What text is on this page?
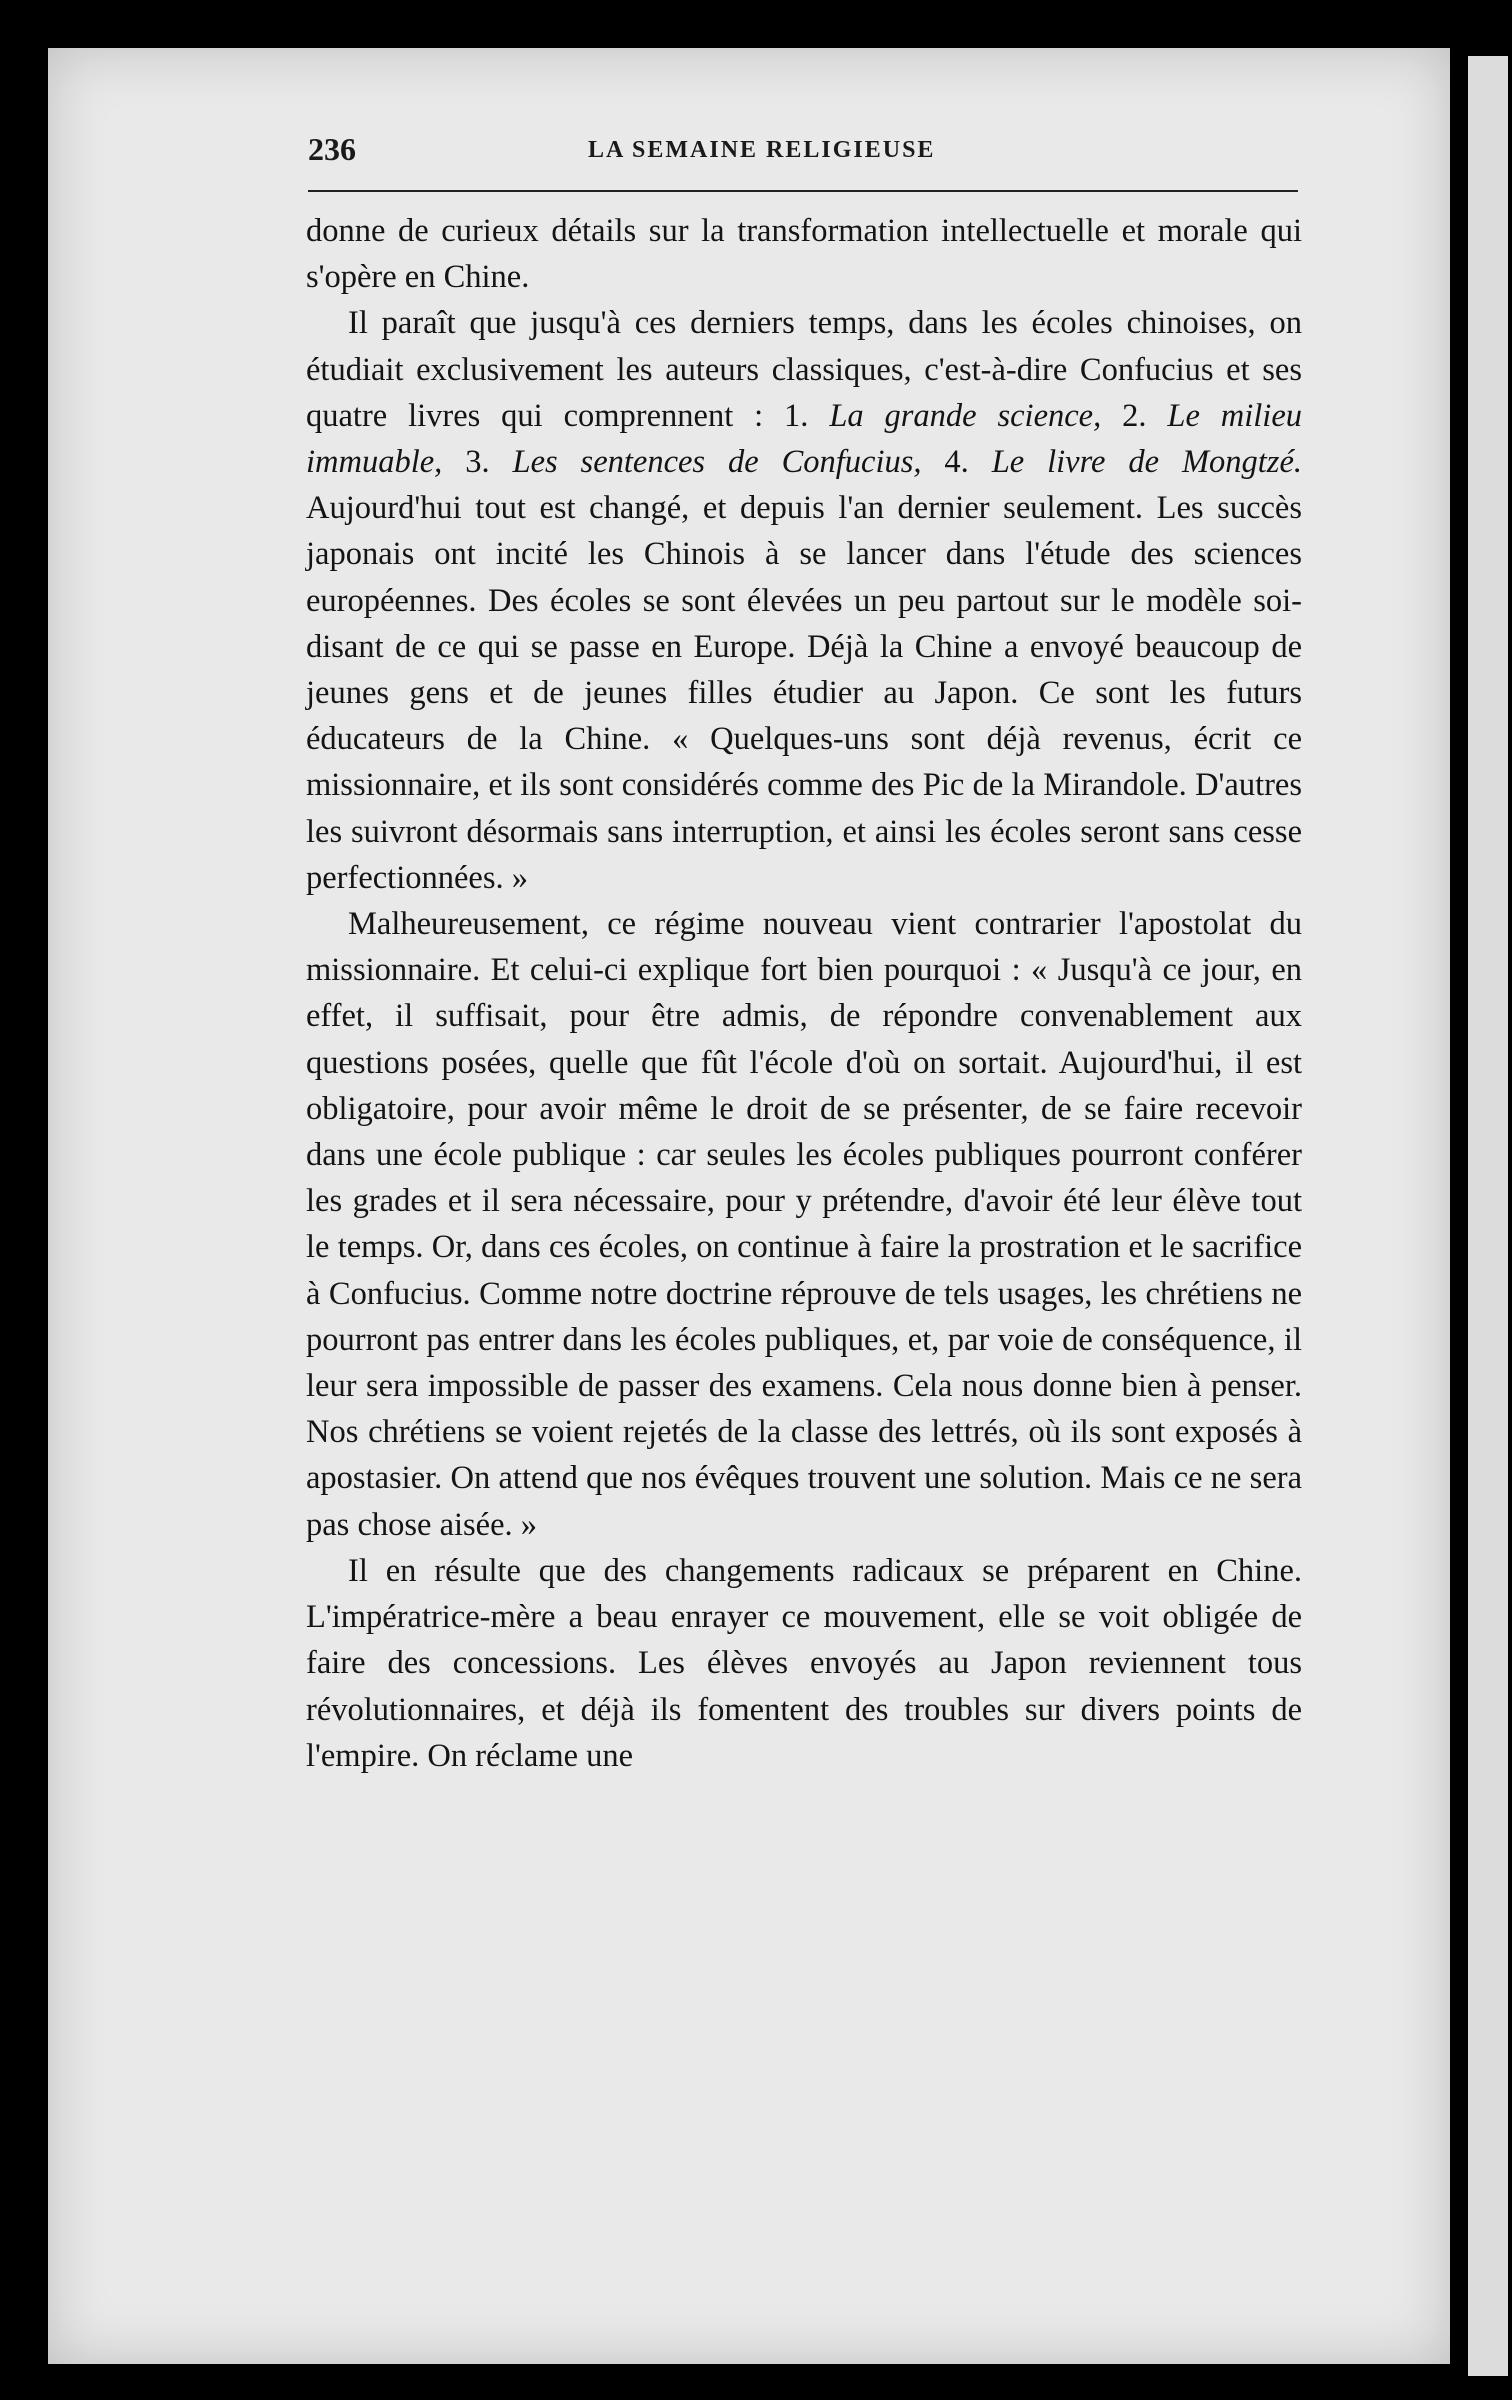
236	LA SEMAINE RELIGIEUSE

donne de curieux détails sur la transformation intellectuelle et morale qui s'opère en Chine.

Il paraît que jusqu'à ces derniers temps, dans les écoles chinoises, on étudiait exclusivement les auteurs classiques, c'est-à-dire Confucius et ses quatre livres qui comprennent : 1. La grande science, 2. Le milieu immuable, 3. Les sentences de Confucius, 4. Le livre de Mongtzé. Aujourd'hui tout est changé, et depuis l'an dernier seulement. Les succès japonais ont incité les Chinois à se lancer dans l'étude des sciences européennes. Des écoles se sont élevées un peu partout sur le modèle soi-disant de ce qui se passe en Europe. Déjà la Chine a envoyé beaucoup de jeunes gens et de jeunes filles étudier au Japon. Ce sont les futurs éducateurs de la Chine. « Quelques-uns sont déjà revenus, écrit ce missionnaire, et ils sont considérés comme des Pic de la Mirandole. D'autres les suivront désormais sans interruption, et ainsi les écoles seront sans cesse perfectionnées. »

Malheureusement, ce régime nouveau vient contrarier l'apostolat du missionnaire. Et celui-ci explique fort bien pourquoi : « Jusqu'à ce jour, en effet, il suffisait, pour être admis, de répondre convenablement aux questions posées, quelle que fût l'école d'où on sortait. Aujourd'hui, il est obligatoire, pour avoir même le droit de se présenter, de se faire recevoir dans une école publique : car seules les écoles publiques pourront conférer les grades et il sera nécessaire, pour y prétendre, d'avoir été leur élève tout le temps. Or, dans ces écoles, on continue à faire la prostration et le sacrifice à Confucius. Comme notre doctrine réprouve de tels usages, les chrétiens ne pourront pas entrer dans les écoles publiques, et, par voie de conséquence, il leur sera impossible de passer des examens. Cela nous donne bien à penser. Nos chrétiens se voient rejetés de la classe des lettrés, où ils sont exposés à apostasier. On attend que nos évêques trouvent une solution. Mais ce ne sera pas chose aisée. »

Il en résulte que des changements radicaux se préparent en Chine. L'impératrice-mère a beau enrayer ce mouvement, elle se voit obligée de faire des concessions. Les élèves envoyés au Japon reviennent tous révolutionnaires, et déjà ils fomentent des troubles sur divers points de l'empire. On réclame une
